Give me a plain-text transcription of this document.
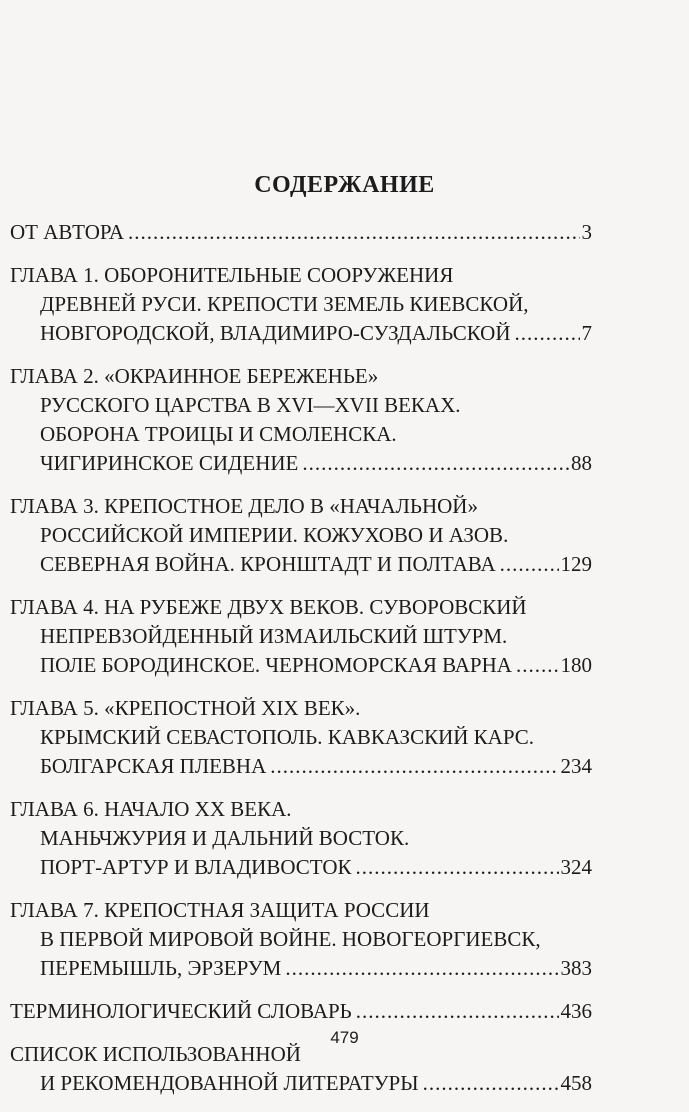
СОДЕРЖАНИЕ
ОТ АВТОРА .....	3
ГЛАВА 1. ОБОРОНИТЕЛЬНЫЕ СООРУЖЕНИЯ
ДРЕВНЕЙ РУСИ. КРЕПОСТИ ЗЕМЕЛЬ КИЕВСКОЙ,
НОВГОРОДСКОЙ, ВЛАДИМИРО-СУЗДАЛЬСКОЙ .....	7
ГЛАВА 2. «ОКРАИННОЕ БЕРЕЖЕНЬЕ»
РУССКОГО ЦАРСТВА В XVI—XVII ВЕКАХ.
ОБОРОНА ТРОИЦЫ И СМОЛЕНСКА.
ЧИГИРИНСКОЕ СИДЕНИЕ .....	88
ГЛАВА 3. КРЕПОСТНОЕ ДЕЛО В «НАЧАЛЬНОЙ»
РОССИЙСКОЙ ИМПЕРИИ. КОЖУХОВО И АЗОВ.
СЕВЕРНАЯ ВОЙНА. КРОНШТАДТ И ПОЛТАВА .....	129
ГЛАВА 4. НА РУБЕЖЕ ДВУХ ВЕКОВ. СУВОРОВСКИЙ
НЕПРЕВЗОЙДЕННЫЙ ИЗМАИЛЬСКИЙ ШТУРМ.
ПОЛЕ БОРОДИНСКОЕ. ЧЕРНОМОРСКАЯ ВАРНА ..... 180
ГЛАВА 5. «КРЕПОСТНОЙ XIX ВЕК».
КРЫМСКИЙ СЕВАСТОПОЛЬ. КАВКАЗСКИЙ КАРС.
БОЛГАРСКАЯ ПЛЕВНА .....	234
ГЛАВА 6. НАЧАЛО XX ВЕКА.
МАНЬЧЖУРИЯ И ДАЛЬНИЙ ВОСТОК.
ПОРТ-АРТУР И ВЛАДИВОСТОК .....	324
ГЛАВА 7. КРЕПОСТНАЯ ЗАЩИТА РОССИИ
В ПЕРВОЙ МИРОВОЙ ВОЙНЕ. НОВОГЕОРГИЕВСК,
ПЕРЕМЫШЛЬ, ЭРЗЕРУМ .....	383
ТЕРМИНОЛОГИЧЕСКИЙ СЛОВАРЬ .....	436
СПИСОК ИСПОЛЬЗОВАННОЙ
И РЕКОМЕНДОВАННОЙ ЛИТЕРАТУРЫ .....	458
479
